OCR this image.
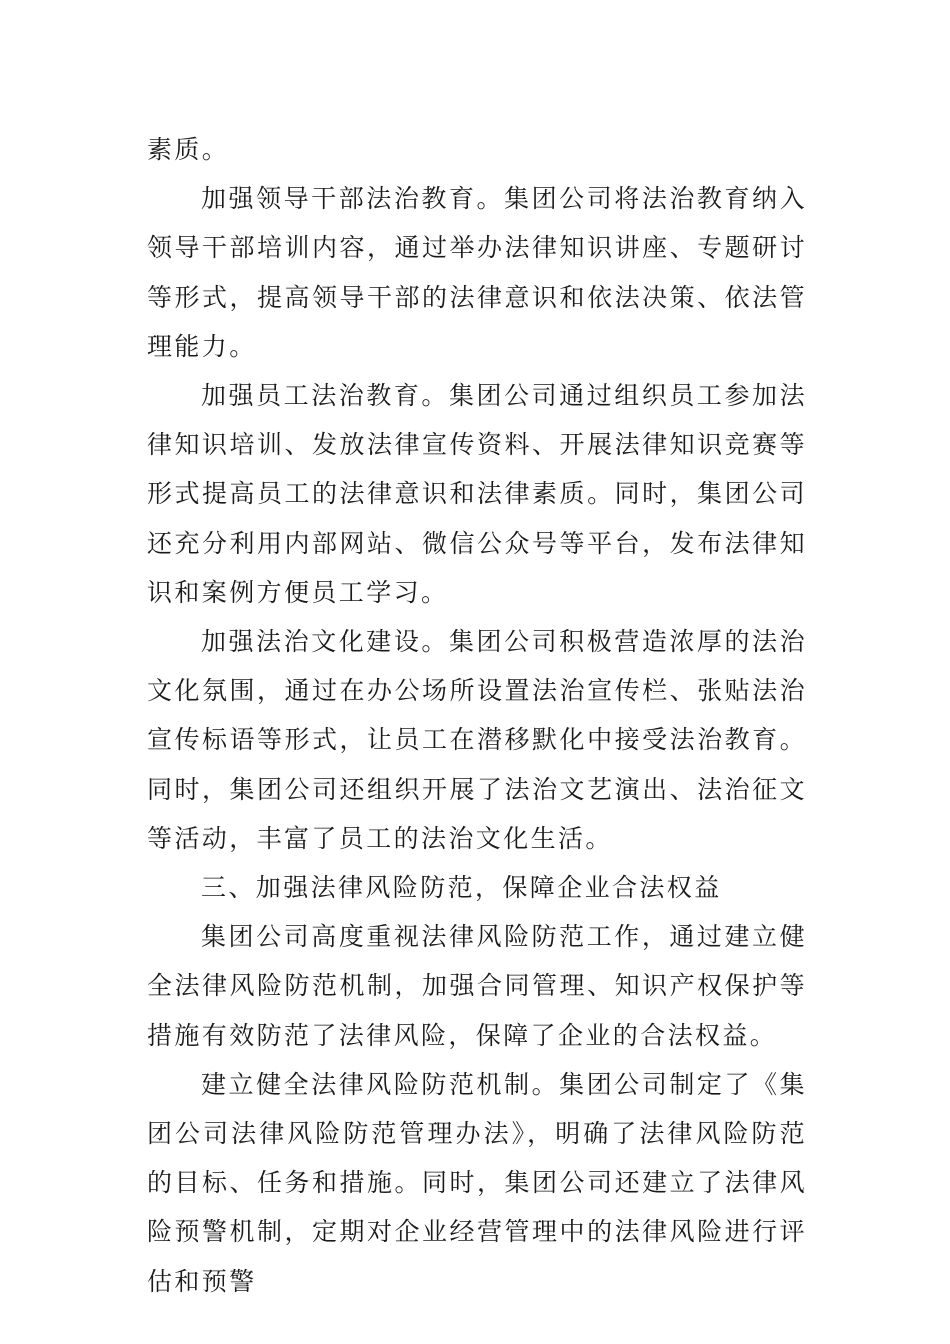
素质。

加强领导干部法治教育。集团公司将法治教育纳入领导干部培训内容，通过举办法律知识讲座、专题研讨等形式，提高领导干部的法律意识和依法决策、依法管理能力。

加强员工法治教育。集团公司通过组织员工参加法律知识培训、发放法律宣传资料、开展法律知识竞赛等形式提高员工的法律意识和法律素质。同时，集团公司还充分利用内部网站、微信公众号等平台，发布法律知识和案例方便员工学习。

加强法治文化建设。集团公司积极营造浓厚的法治文化氛围，通过在办公场所设置法治宣传栏、张贴法治宣传标语等形式，让员工在潜移默化中接受法治教育。同时，集团公司还组织开展了法治文艺演出、法治征文等活动，丰富了员工的法治文化生活。

三、加强法律风险防范，保障企业合法权益

集团公司高度重视法律风险防范工作，通过建立健全法律风险防范机制，加强合同管理、知识产权保护等措施有效防范了法律风险，保障了企业的合法权益。

建立健全法律风险防范机制。集团公司制定了《集团公司法律风险防范管理办法》，明确了法律风险防范的目标、任务和措施。同时，集团公司还建立了法律风险预警机制，定期对企业经营管理中的法律风险进行评估和预警
